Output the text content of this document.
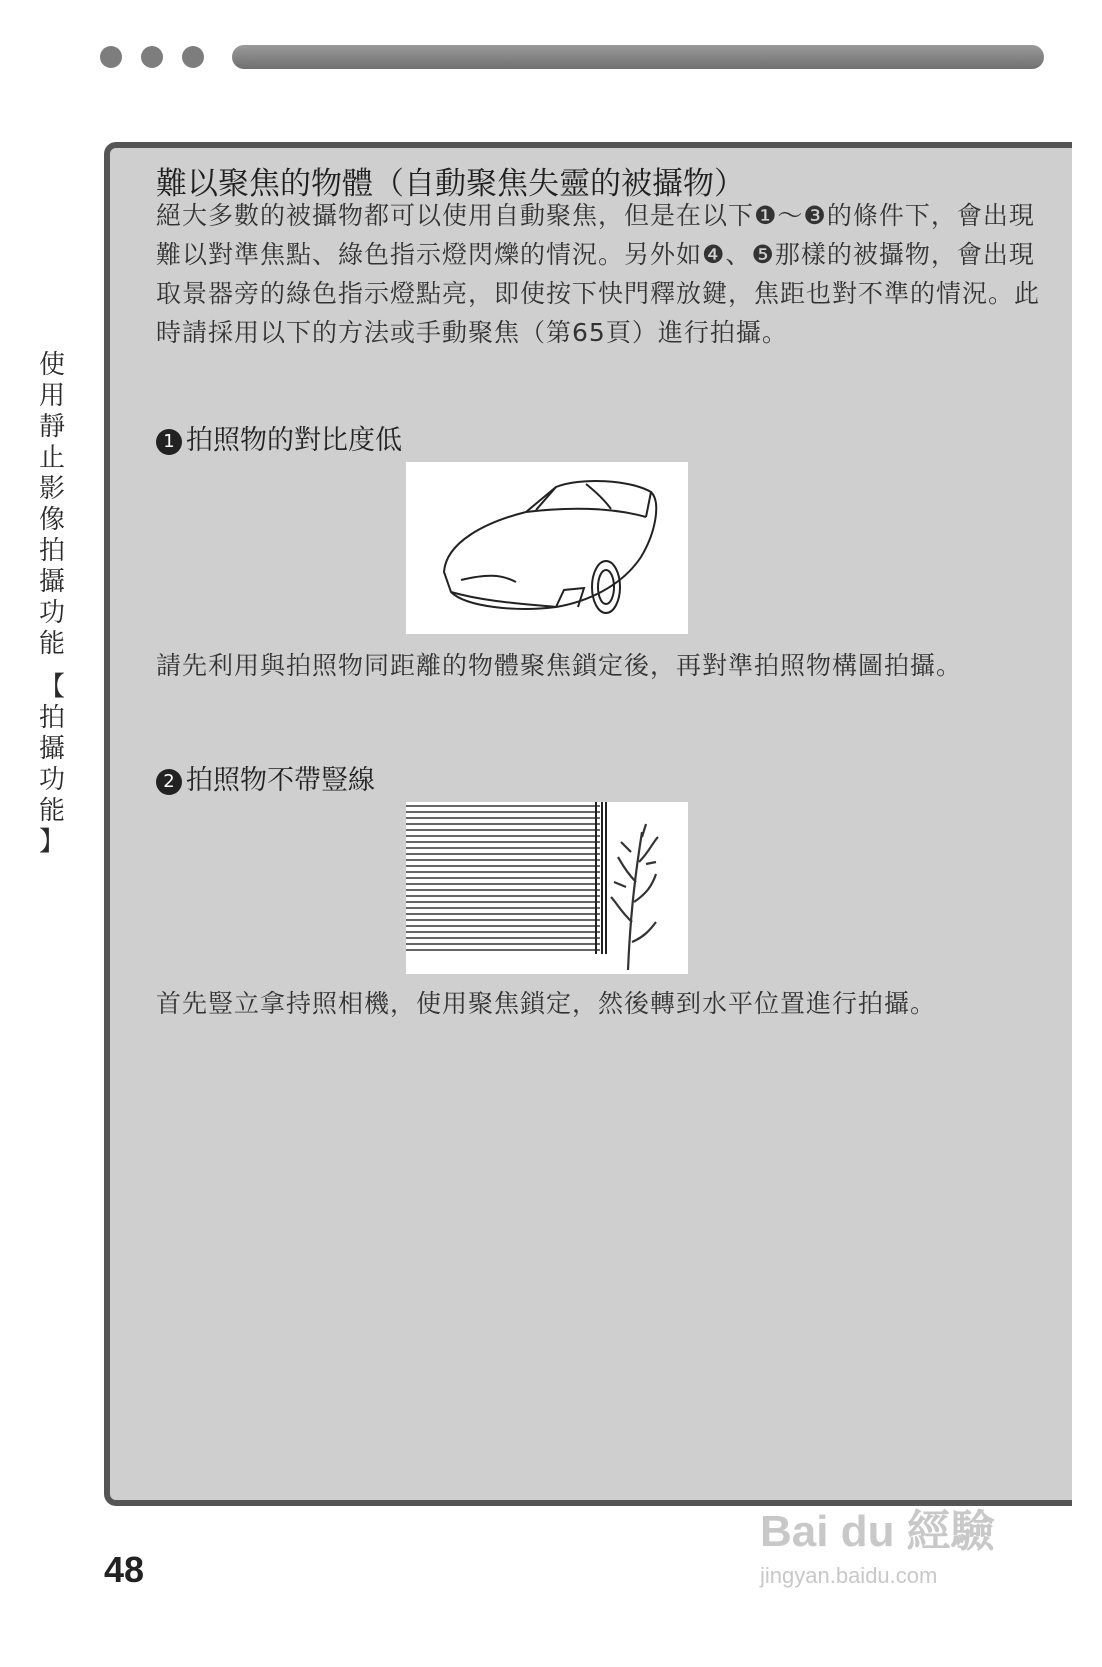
使
用
靜
止
影
像
拍
攝
功
能
【
拍
攝
功
能
】
難以聚焦的物體（自動聚焦失靈的被攝物）
絕大多數的被攝物都可以使用自動聚焦，但是在以下❶～❸的條件下，會出現難以對準焦點、綠色指示燈閃爍的情況。另外如❹、❺那樣的被攝物，會出現取景器旁的綠色指示燈點亮，即使按下快門釋放鍵，焦距也對不準的情況。此時請採用以下的方法或手動聚焦（第65頁）進行拍攝。
1 拍照物的對比度低
請先利用與拍照物同距離的物體聚焦鎖定後，再對準拍照物構圖拍攝。
2 拍照物不帶豎線
首先豎立拿持照相機，使用聚焦鎖定，然後轉到水平位置進行拍攝。
48
Bai du 經驗
jingyan.baidu.com
